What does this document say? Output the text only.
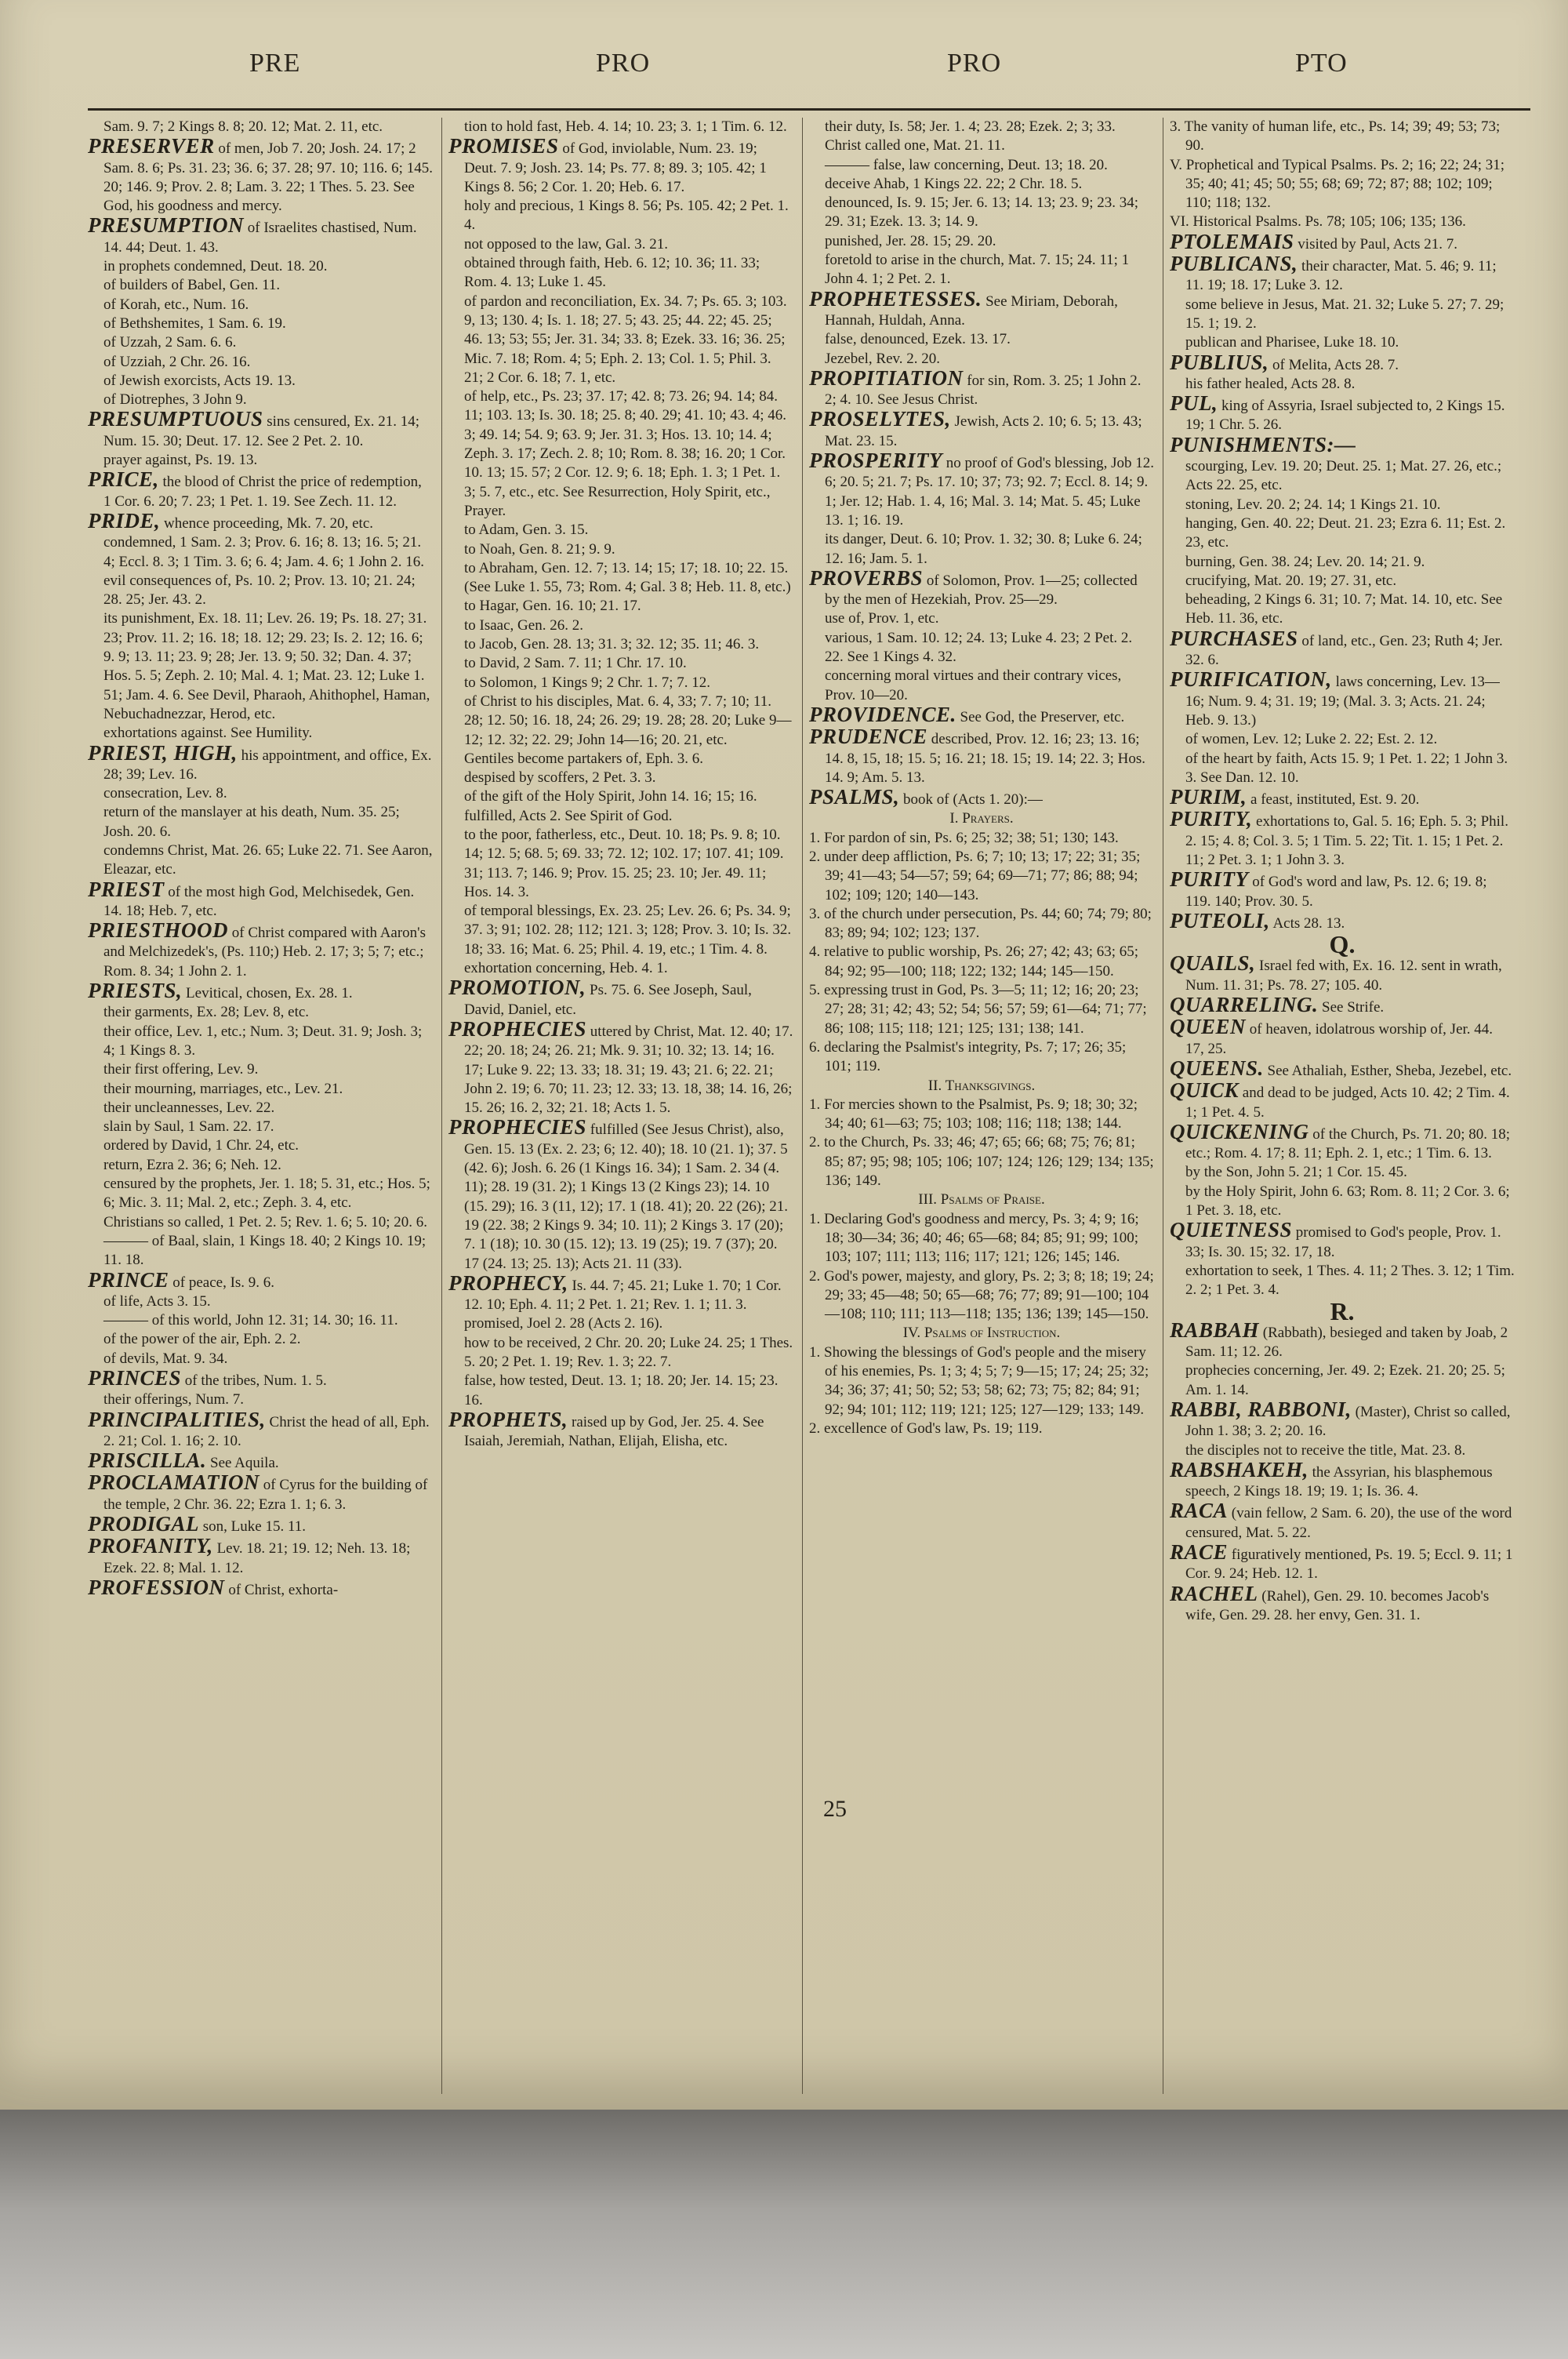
PRE	PRO	PRO	PTO

Sam. 9. 7; 2 Kings 8. 8; 20. 12; Mat. 2. 11, etc.

PRESERVER of men, Job 7. 20; Josh. 24. 17; 2 Sam. 8. 6; Ps. 31. 23; 36. 6; 37. 28; 97. 10; 116. 6; 145. 20; 146. 9; Prov. 2. 8; Lam. 3. 22; 1 Thes. 5. 23. See God, his goodness and mercy.

PRESUMPTION of Israelites chastised, Num. 14. 44; Deut. 1. 43.

in prophets condemned, Deut. 18. 20.

of builders of Babel, Gen. 11.

of Korah, etc., Num. 16.

of Bethshemites, 1 Sam. 6. 19.

of Uzzah, 2 Sam. 6. 6.

of Uzziah, 2 Chr. 26. 16.

of Jewish exorcists, Acts 19. 13.

of Diotrephes, 3 John 9.

PRESUMPTUOUS sins censured, Ex. 21. 14; Num. 15. 30; Deut. 17. 12. See 2 Pet. 2. 10.

prayer against, Ps. 19. 13.

PRICE, the blood of Christ the price of redemption, 1 Cor. 6. 20; 7. 23; 1 Pet. 1. 19. See Zech. 11. 12.

PRIDE, whence proceeding, Mk. 7. 20, etc.

condemned, 1 Sam. 2. 3; Prov. 6. 16; 8. 13; 16. 5; 21. 4; Eccl. 8. 3; 1 Tim. 3. 6; 6. 4; Jam. 4. 6; 1 John 2. 16.

evil consequences of, Ps. 10. 2; Prov. 13. 10; 21. 24; 28. 25; Jer. 43. 2.

its punishment, Ex. 18. 11; Lev. 26. 19; Ps. 18. 27; 31. 23; Prov. 11. 2; 16. 18; 18. 12; 29. 23; Is. 2. 12; 16. 6; 9. 9; 13. 11; 23. 9; 28; Jer. 13. 9; 50. 32; Dan. 4. 37; Hos. 5. 5; Zeph. 2. 10; Mal. 4. 1; Mat. 23. 12; Luke 1. 51; Jam. 4. 6. See Devil, Pharaoh, Ahithophel, Haman, Nebuchadnezzar, Herod, etc.

exhortations against. See Humility.

PRIEST, HIGH, his appointment, and office, Ex. 28; 39; Lev. 16.

consecration, Lev. 8.

return of the manslayer at his death, Num. 35. 25; Josh. 20. 6.

condemns Christ, Mat. 26. 65; Luke 22. 71. See Aaron, Eleazar, etc.

PRIEST of the most high God, Melchisedek, Gen. 14. 18; Heb. 7, etc.

PRIESTHOOD of Christ compared with Aaron's and Melchizedek's, (Ps. 110;) Heb. 2. 17; 3; 5; 7; etc.; Rom. 8. 34; 1 John 2. 1.

PRIESTS, Levitical, chosen, Ex. 28. 1.

their garments, Ex. 28; Lev. 8, etc.

their office, Lev. 1, etc.; Num. 3; Deut. 31. 9; Josh. 3; 4; 1 Kings 8. 3.

their first offering, Lev. 9.

their mourning, marriages, etc., Lev. 21.

their uncleannesses, Lev. 22.

slain by Saul, 1 Sam. 22. 17.

ordered by David, 1 Chr. 24, etc.

return, Ezra 2. 36; 6; Neh. 12.

censured by the prophets, Jer. 1. 18; 5. 31, etc.; Hos. 5; 6; Mic. 3. 11; Mal. 2, etc.; Zeph. 3. 4, etc.

Christians so called, 1 Pet. 2. 5; Rev. 1. 6; 5. 10; 20. 6.

——— of Baal, slain, 1 Kings 18. 40; 2 Kings 10. 19; 11. 18.

PRINCE of peace, Is. 9. 6.

of life, Acts 3. 15.

——— of this world, John 12. 31; 14. 30; 16. 11.

of the power of the air, Eph. 2. 2.

of devils, Mat. 9. 34.

PRINCES of the tribes, Num. 1. 5.

their offerings, Num. 7.

PRINCIPALITIES, Christ the head of all, Eph. 2. 21; Col. 1. 16; 2. 10.

PRISCILLA. See Aquila.

PROCLAMATION of Cyrus for the building of the temple, 2 Chr. 36. 22; Ezra 1. 1; 6. 3.

PRODIGAL son, Luke 15. 11.

PROFANITY, Lev. 18. 21; 19. 12; Neh. 13. 18; Ezek. 22. 8; Mal. 1. 12.

PROFESSION of Christ, exhorta-

tion to hold fast, Heb. 4. 14; 10. 23; 3. 1; 1 Tim. 6. 12.

PROMISES of God, inviolable, Num. 23. 19; Deut. 7. 9; Josh. 23. 14; Ps. 77. 8; 89. 3; 105. 42; 1 Kings 8. 56; 2 Cor. 1. 20; Heb. 6. 17.

holy and precious, 1 Kings 8. 56; Ps. 105. 42; 2 Pet. 1. 4.

not opposed to the law, Gal. 3. 21.

obtained through faith, Heb. 6. 12; 10. 36; 11. 33; Rom. 4. 13; Luke 1. 45.

of pardon and reconciliation, Ex. 34. 7; Ps. 65. 3; 103. 9, 13; 130. 4; Is. 1. 18; 27. 5; 43. 25; 44. 22; 45. 25; 46. 13; 53; 55; Jer. 31. 34; 33. 8; Ezek. 33. 16; 36. 25; Mic. 7. 18; Rom. 4; 5; Eph. 2. 13; Col. 1. 5; Phil. 3. 21; 2 Cor. 6. 18; 7. 1, etc.

of help, etc., Ps. 23; 37. 17; 42. 8; 73. 26; 94. 14; 84. 11; 103. 13; Is. 30. 18; 25. 8; 40. 29; 41. 10; 43. 4; 46. 3; 49. 14; 54. 9; 63. 9; Jer. 31. 3; Hos. 13. 10; 14. 4; Zeph. 3. 17; Zech. 2. 8; 10; Rom. 8. 38; 16. 20; 1 Cor. 10. 13; 15. 57; 2 Cor. 12. 9; 6. 18; Eph. 1. 3; 1 Pet. 1. 3; 5. 7, etc., etc. See Resurrection, Holy Spirit, etc., Prayer.

to Adam, Gen. 3. 15.

to Noah, Gen. 8. 21; 9. 9.

to Abraham, Gen. 12. 7; 13. 14; 15; 17; 18. 10; 22. 15. (See Luke 1. 55, 73; Rom. 4; Gal. 3 8; Heb. 11. 8, etc.)

to Hagar, Gen. 16. 10; 21. 17.

to Isaac, Gen. 26. 2.

to Jacob, Gen. 28. 13; 31. 3; 32. 12; 35. 11; 46. 3.

to David, 2 Sam. 7. 11; 1 Chr. 17. 10.

to Solomon, 1 Kings 9; 2 Chr. 1. 7; 7. 12.

of Christ to his disciples, Mat. 6. 4, 33; 7. 7; 10; 11. 28; 12. 50; 16. 18, 24; 26. 29; 19. 28; 28. 20; Luke 9—12; 12. 32; 22. 29; John 14—16; 20. 21, etc.

Gentiles become partakers of, Eph. 3. 6.

despised by scoffers, 2 Pet. 3. 3.

of the gift of the Holy Spirit, John 14. 16; 15; 16.

fulfilled, Acts 2. See Spirit of God.

to the poor, fatherless, etc., Deut. 10. 18; Ps. 9. 8; 10. 14; 12. 5; 68. 5; 69. 33; 72. 12; 102. 17; 107. 41; 109. 31; 113. 7; 146. 9; Prov. 15. 25; 23. 10; Jer. 49. 11; Hos. 14. 3.

of temporal blessings, Ex. 23. 25; Lev. 26. 6; Ps. 34. 9; 37. 3; 91; 102. 28; 112; 121. 3; 128; Prov. 3. 10; Is. 32. 18; 33. 16; Mat. 6. 25; Phil. 4. 19, etc.; 1 Tim. 4. 8.

exhortation concerning, Heb. 4. 1.

PROMOTION, Ps. 75. 6. See Joseph, Saul, David, Daniel, etc.

PROPHECIES uttered by Christ, Mat. 12. 40; 17. 22; 20. 18; 24; 26. 21; Mk. 9. 31; 10. 32; 13. 14; 16. 17; Luke 9. 22; 13. 33; 18. 31; 19. 43; 21. 6; 22. 21; John 2. 19; 6. 70; 11. 23; 12. 33; 13. 18, 38; 14. 16, 26; 15. 26; 16. 2, 32; 21. 18; Acts 1. 5.

PROPHECIES fulfilled (See Jesus Christ), also, Gen. 15. 13 (Ex. 2. 23; 6; 12. 40); 18. 10 (21. 1); 37. 5 (42. 6); Josh. 6. 26 (1 Kings 16. 34); 1 Sam. 2. 34 (4. 11); 28. 19 (31. 2); 1 Kings 13 (2 Kings 23); 14. 10 (15. 29); 16. 3 (11, 12); 17. 1 (18. 41); 20. 22 (26); 21. 19 (22. 38; 2 Kings 9. 34; 10. 11); 2 Kings 3. 17 (20); 7. 1 (18); 10. 30 (15. 12); 13. 19 (25); 19. 7 (37); 20. 17 (24. 13; 25. 13); Acts 21. 11 (33).

PROPHECY, Is. 44. 7; 45. 21; Luke 1. 70; 1 Cor. 12. 10; Eph. 4. 11; 2 Pet. 1. 21; Rev. 1. 1; 11. 3.

promised, Joel 2. 28 (Acts 2. 16).

how to be received, 2 Chr. 20. 20; Luke 24. 25; 1 Thes. 5. 20; 2 Pet. 1. 19; Rev. 1. 3; 22. 7.

false, how tested, Deut. 13. 1; 18. 20; Jer. 14. 15; 23. 16.

PROPHETS, raised up by God, Jer. 25. 4. See Isaiah, Jeremiah, Nathan, Elijah, Elisha, etc.

their duty, Is. 58; Jer. 1. 4; 23. 28; Ezek. 2; 3; 33.

Christ called one, Mat. 21. 11.

——— false, law concerning, Deut. 13; 18. 20.

deceive Ahab, 1 Kings 22. 22; 2 Chr. 18. 5.

denounced, Is. 9. 15; Jer. 6. 13; 14. 13; 23. 9; 23. 34; 29. 31; Ezek. 13. 3; 14. 9.

punished, Jer. 28. 15; 29. 20.

foretold to arise in the church, Mat. 7. 15; 24. 11; 1 John 4. 1; 2 Pet. 2. 1.

PROPHETESSES. See Miriam, Deborah, Hannah, Huldah, Anna.

false, denounced, Ezek. 13. 17.

Jezebel, Rev. 2. 20.

PROPITIATION for sin, Rom. 3. 25; 1 John 2. 2; 4. 10. See Jesus Christ.

PROSELYTES, Jewish, Acts 2. 10; 6. 5; 13. 43; Mat. 23. 15.

PROSPERITY no proof of God's blessing, Job 12. 6; 20. 5; 21. 7; Ps. 17. 10; 37; 73; 92. 7; Eccl. 8. 14; 9. 1; Jer. 12; Hab. 1. 4, 16; Mal. 3. 14; Mat. 5. 45; Luke 13. 1; 16. 19.

its danger, Deut. 6. 10; Prov. 1. 32; 30. 8; Luke 6. 24; 12. 16; Jam. 5. 1.

PROVERBS of Solomon, Prov. 1—25; collected by the men of Hezekiah, Prov. 25—29.

use of, Prov. 1, etc.

various, 1 Sam. 10. 12; 24. 13; Luke 4. 23; 2 Pet. 2. 22. See 1 Kings 4. 32.

concerning moral virtues and their contrary vices, Prov. 10—20.

PROVIDENCE. See God, the Preserver, etc.

PRUDENCE described, Prov. 12. 16; 23; 13. 16; 14. 8, 15, 18; 15. 5; 16. 21; 18. 15; 19. 14; 22. 3; Hos. 14. 9; Am. 5. 13.

PSALMS, book of (Acts 1. 20):—

I. Prayers.

1. For pardon of sin, Ps. 6; 25; 32; 38; 51; 130; 143.

2. under deep affliction, Ps. 6; 7; 10; 13; 17; 22; 31; 35; 39; 41—43; 54—57; 59; 64; 69—71; 77; 86; 88; 94; 102; 109; 120; 140—143.

3. of the church under persecution, Ps. 44; 60; 74; 79; 80; 83; 89; 94; 102; 123; 137.

4. relative to public worship, Ps. 26; 27; 42; 43; 63; 65; 84; 92; 95—100; 118; 122; 132; 144; 145—150.

5. expressing trust in God, Ps. 3—5; 11; 12; 16; 20; 23; 27; 28; 31; 42; 43; 52; 54; 56; 57; 59; 61—64; 71; 77; 86; 108; 115; 118; 121; 125; 131; 138; 141.

6. declaring the Psalmist's integrity, Ps. 7; 17; 26; 35; 101; 119.

II. Thanksgivings.

1. For mercies shown to the Psalmist, Ps. 9; 18; 30; 32; 34; 40; 61—63; 75; 103; 108; 116; 118; 138; 144.

2. to the Church, Ps. 33; 46; 47; 65; 66; 68; 75; 76; 81; 85; 87; 95; 98; 105; 106; 107; 124; 126; 129; 134; 135; 136; 149.

III. Psalms of Praise.

1. Declaring God's goodness and mercy, Ps. 3; 4; 9; 16; 18; 30—34; 36; 40; 46; 65—68; 84; 85; 91; 99; 100; 103; 107; 111; 113; 116; 117; 121; 126; 145; 146.

2. God's power, majesty, and glory, Ps. 2; 3; 8; 18; 19; 24; 29; 33; 45—48; 50; 65—68; 76; 77; 89; 91—100; 104—108; 110; 111; 113—118; 135; 136; 139; 145—150.

IV. Psalms of Instruction.

1. Showing the blessings of God's people and the misery of his enemies, Ps. 1; 3; 4; 5; 7; 9—15; 17; 24; 25; 32; 34; 36; 37; 41; 50; 52; 53; 58; 62; 73; 75; 82; 84; 91; 92; 94; 101; 112; 119; 121; 125; 127—129; 133; 149.

2. excellence of God's law, Ps. 19; 119.

3. The vanity of human life, etc., Ps. 14; 39; 49; 53; 73; 90.

V. Prophetical and Typical Psalms. Ps. 2; 16; 22; 24; 31; 35; 40; 41; 45; 50; 55; 68; 69; 72; 87; 88; 102; 109; 110; 118; 132.

VI. Historical Psalms. Ps. 78; 105; 106; 135; 136.

PTOLEMAIS visited by Paul, Acts 21. 7.

PUBLICANS, their character, Mat. 5. 46; 9. 11; 11. 19; 18. 17; Luke 3. 12.

some believe in Jesus, Mat. 21. 32; Luke 5. 27; 7. 29; 15. 1; 19. 2.

publican and Pharisee, Luke 18. 10.

PUBLIUS, of Melita, Acts 28. 7.

his father healed, Acts 28. 8.

PUL, king of Assyria, Israel subjected to, 2 Kings 15. 19; 1 Chr. 5. 26.

PUNISHMENTS:—

scourging, Lev. 19. 20; Deut. 25. 1; Mat. 27. 26, etc.; Acts 22. 25, etc.

stoning, Lev. 20. 2; 24. 14; 1 Kings 21. 10.

hanging, Gen. 40. 22; Deut. 21. 23; Ezra 6. 11; Est. 2. 23, etc.

burning, Gen. 38. 24; Lev. 20. 14; 21. 9.

crucifying, Mat. 20. 19; 27. 31, etc.

beheading, 2 Kings 6. 31; 10. 7; Mat. 14. 10, etc. See Heb. 11. 36, etc.

PURCHASES of land, etc., Gen. 23; Ruth 4; Jer. 32. 6.

PURIFICATION, laws concerning, Lev. 13—16; Num. 9. 4; 31. 19; 19; (Mal. 3. 3; Acts. 21. 24; Heb. 9. 13.)

of women, Lev. 12; Luke 2. 22; Est. 2. 12.

of the heart by faith, Acts 15. 9; 1 Pet. 1. 22; 1 John 3. 3. See Dan. 12. 10.

PURIM, a feast, instituted, Est. 9. 20.

PURITY, exhortations to, Gal. 5. 16; Eph. 5. 3; Phil. 2. 15; 4. 8; Col. 3. 5; 1 Tim. 5. 22; Tit. 1. 15; 1 Pet. 2. 11; 2 Pet. 3. 1; 1 John 3. 3.

PURITY of God's word and law, Ps. 12. 6; 19. 8; 119. 140; Prov. 30. 5.

PUTEOLI, Acts 28. 13.

Q.

QUAILS, Israel fed with, Ex. 16. 12. sent in wrath, Num. 11. 31; Ps. 78. 27; 105. 40.

QUARRELING. See Strife.

QUEEN of heaven, idolatrous worship of, Jer. 44. 17, 25.

QUEENS. See Athaliah, Esther, Sheba, Jezebel, etc.

QUICK and dead to be judged, Acts 10. 42; 2 Tim. 4. 1; 1 Pet. 4. 5.

QUICKENING of the Church, Ps. 71. 20; 80. 18; etc.; Rom. 4. 17; 8. 11; Eph. 2. 1, etc.; 1 Tim. 6. 13.

by the Son, John 5. 21; 1 Cor. 15. 45.

by the Holy Spirit, John 6. 63; Rom. 8. 11; 2 Cor. 3. 6; 1 Pet. 3. 18, etc.

QUIETNESS promised to God's people, Prov. 1. 33; Is. 30. 15; 32. 17, 18.

exhortation to seek, 1 Thes. 4. 11; 2 Thes. 3. 12; 1 Tim. 2. 2; 1 Pet. 3. 4.

R.

RABBAH (Rabbath), besieged and taken by Joab, 2 Sam. 11; 12. 26.

prophecies concerning, Jer. 49. 2; Ezek. 21. 20; 25. 5; Am. 1. 14.

RABBI, RABBONI, (Master), Christ so called, John 1. 38; 3. 2; 20. 16.

the disciples not to receive the title, Mat. 23. 8.

RABSHAKEH, the Assyrian, his blasphemous speech, 2 Kings 18. 19; 19. 1; Is. 36. 4.

RACA (vain fellow, 2 Sam. 6. 20), the use of the word censured, Mat. 5. 22.

RACE figuratively mentioned, Ps. 19. 5; Eccl. 9. 11; 1 Cor. 9. 24; Heb. 12. 1.

RACHEL (Rahel), Gen. 29. 10. becomes Jacob's wife, Gen. 29. 28. her envy, Gen. 31. 1.

25
